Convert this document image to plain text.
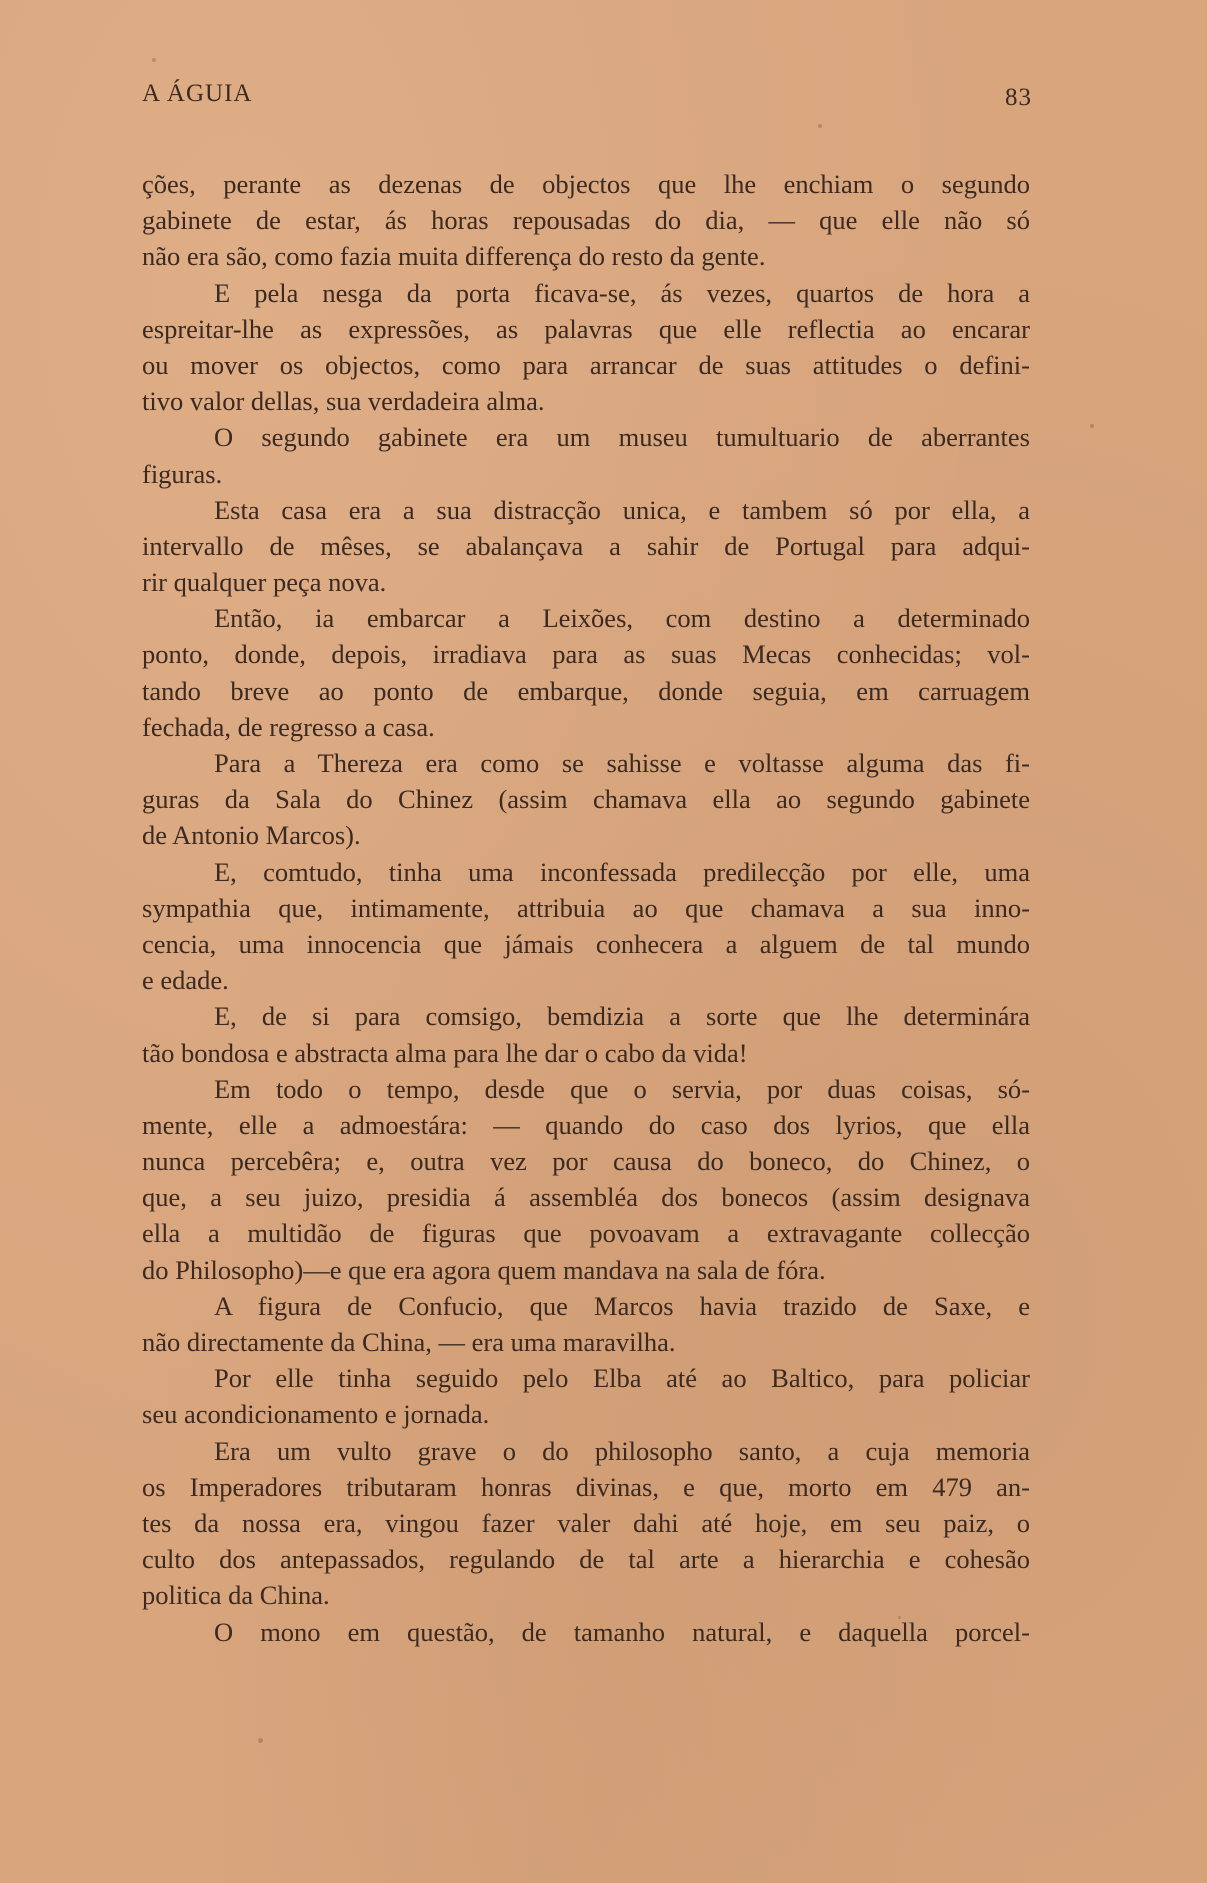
A ÁGUIA	83
ções, perante as dezenas de objectos que lhe enchiam o segundo
gabinete de estar, ás horas repousadas do dia, — que elle não só
não era são, como fazia muita differença do resto da gente.
E pela nesga da porta ficava-se, ás vezes, quartos de hora a
espreitar-lhe as expressões, as palavras que elle reflectia ao encarar
ou mover os objectos, como para arrancar de suas attitudes o defini-
tivo valor dellas, sua verdadeira alma.
O segundo gabinete era um museu tumultuario de aberrantes
figuras.
Esta casa era a sua distracção unica, e tambem só por ella, a
intervallo de mêses, se abalançava a sahir de Portugal para adqui-
rir qualquer peça nova.
Então, ia embarcar a Leixões, com destino a determinado
ponto, donde, depois, irradiava para as suas Mecas conhecidas; vol-
tando breve ao ponto de embarque, donde seguia, em carruagem
fechada, de regresso a casa.
Para a Thereza era como se sahisse e voltasse alguma das fi-
guras da Sala do Chinez (assim chamava ella ao segundo gabinete
de Antonio Marcos).
E, comtudo, tinha uma inconfessada predilecção por elle, uma
sympathia que, intimamente, attribuia ao que chamava a sua inno-
cencia, uma innocencia que jámais conhecera a alguem de tal mundo
e edade.
E, de si para comsigo, bemdizia a sorte que lhe determinára
tão bondosa e abstracta alma para lhe dar o cabo da vida!
Em todo o tempo, desde que o servia, por duas coisas, só-
mente, elle a admoestára: — quando do caso dos lyrios, que ella
nunca percebêra; e, outra vez por causa do boneco, do Chinez, o
que, a seu juizo, presidia á assembléa dos bonecos (assim designava
ella a multidão de figuras que povoavam a extravagante collecção
do Philosopho)—e que era agora quem mandava na sala de fóra.
A figura de Confucio, que Marcos havia trazido de Saxe, e
não directamente da China, — era uma maravilha.
Por elle tinha seguido pelo Elba até ao Baltico, para policiar
seu acondicionamento e jornada.
Era um vulto grave o do philosopho santo, a cuja memoria
os Imperadores tributaram honras divinas, e que, morto em 479 an-
tes da nossa era, vingou fazer valer dahi até hoje, em seu paiz, o
culto dos antepassados, regulando de tal arte a hierarchia e cohesão
politica da China.
O mono em questão, de tamanho natural, e daquella porcel-
